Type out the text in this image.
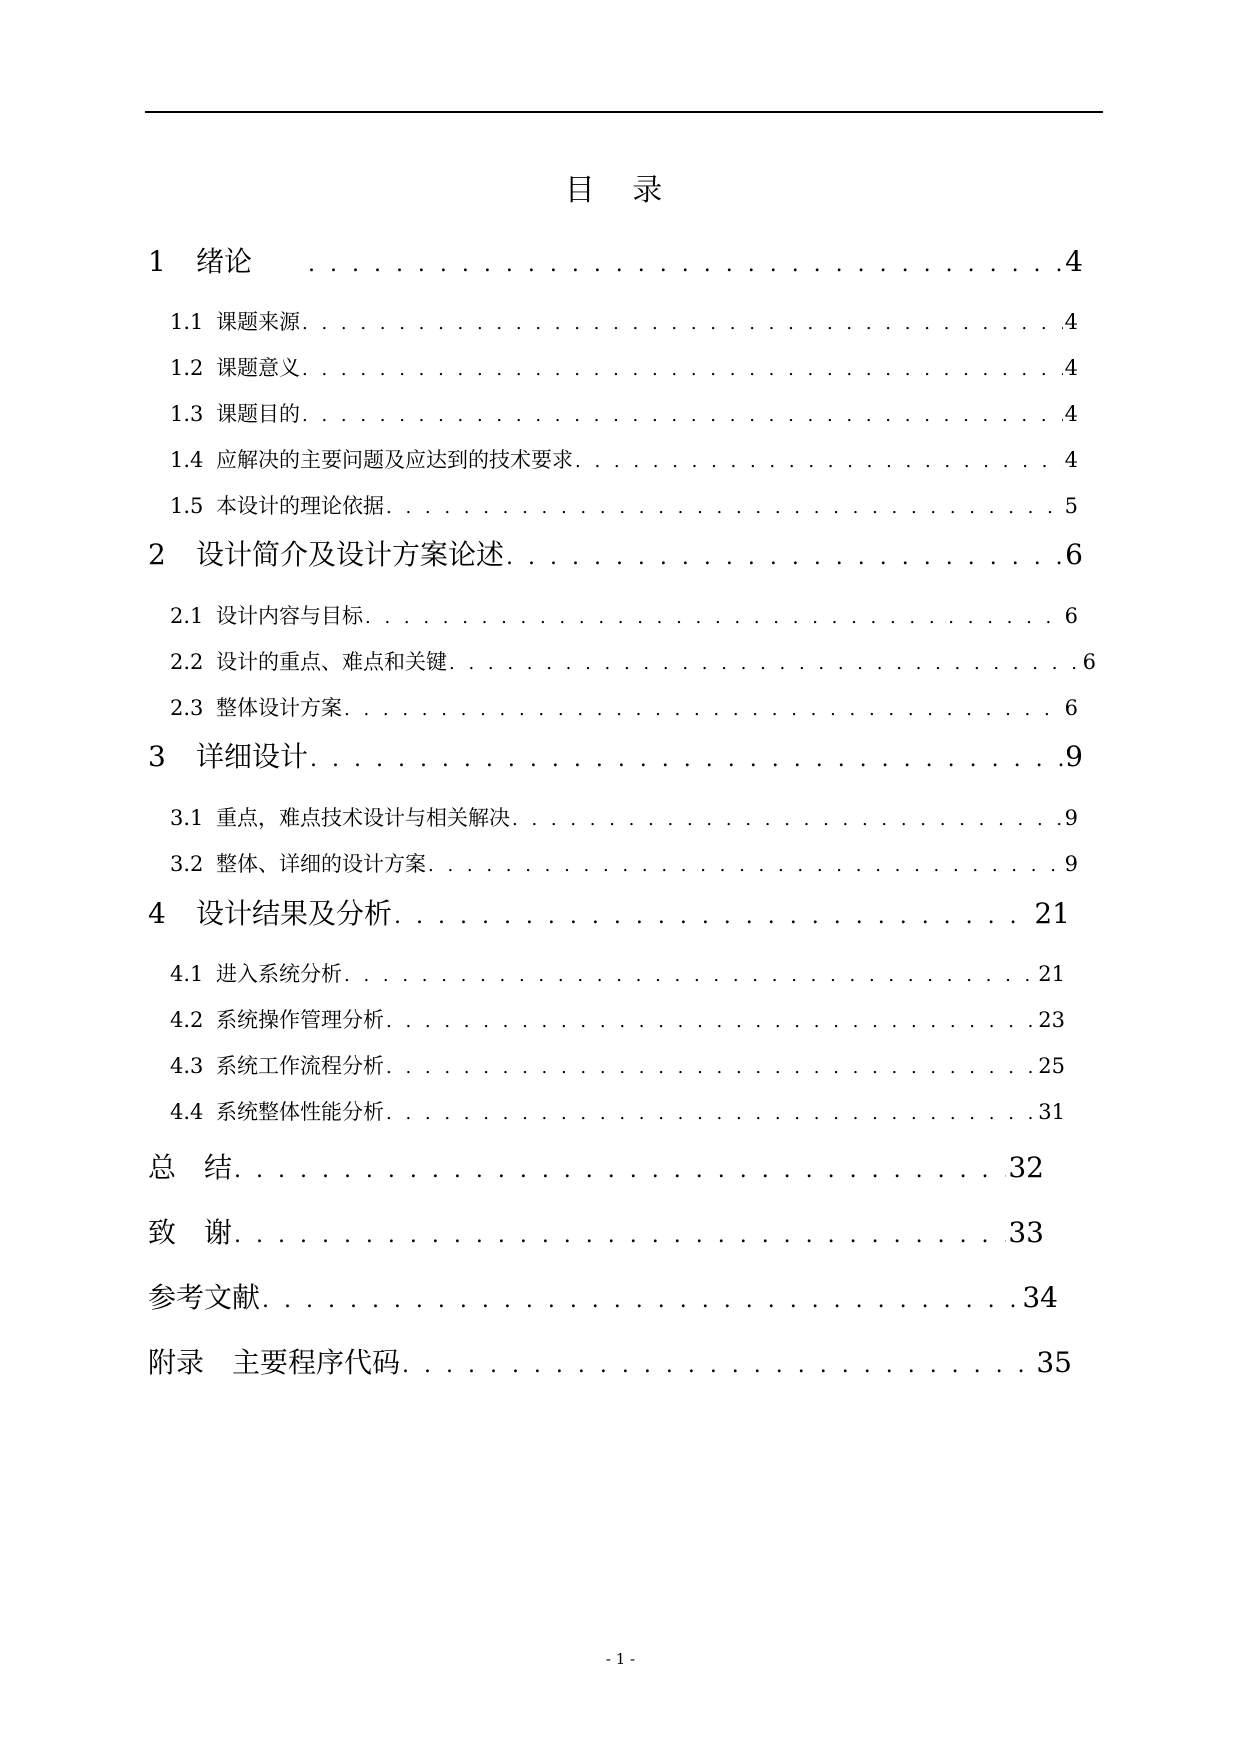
目 录
1	绪论 . . .	4
1.1 课题来源 . . .	4
1.2 课题意义 . . .	4
1.3 课题目的 . . .	4
1.4 应解决的主要问题及应达到的技术要求 . . .	4
1.5 本设计的理论依据 . . .	5
2	设计简介及设计方案论述 . . .	6
2.1 设计内容与目标 . . .	6
2.2 设计的重点、难点和关键 . . .	6
2.3 整体设计方案 . . .	6
3	详细设计 . . .	9
3.1 重点，难点技术设计与相关解决 . . .	9
3.2 整体、详细的设计方案 . . .	9
4	设计结果及分析 . . .	21
4.1 进入系统分析 . . .	21
4.2 系统操作管理分析 . . .	23
4.3 系统工作流程分析 . . .	25
4.4 系统整体性能分析 . . .	31
总　结 . . .	32
致　谢 . . .	33
参考文献 . . .	34
附录　主要程序代码 . . .	35
- 1 -
